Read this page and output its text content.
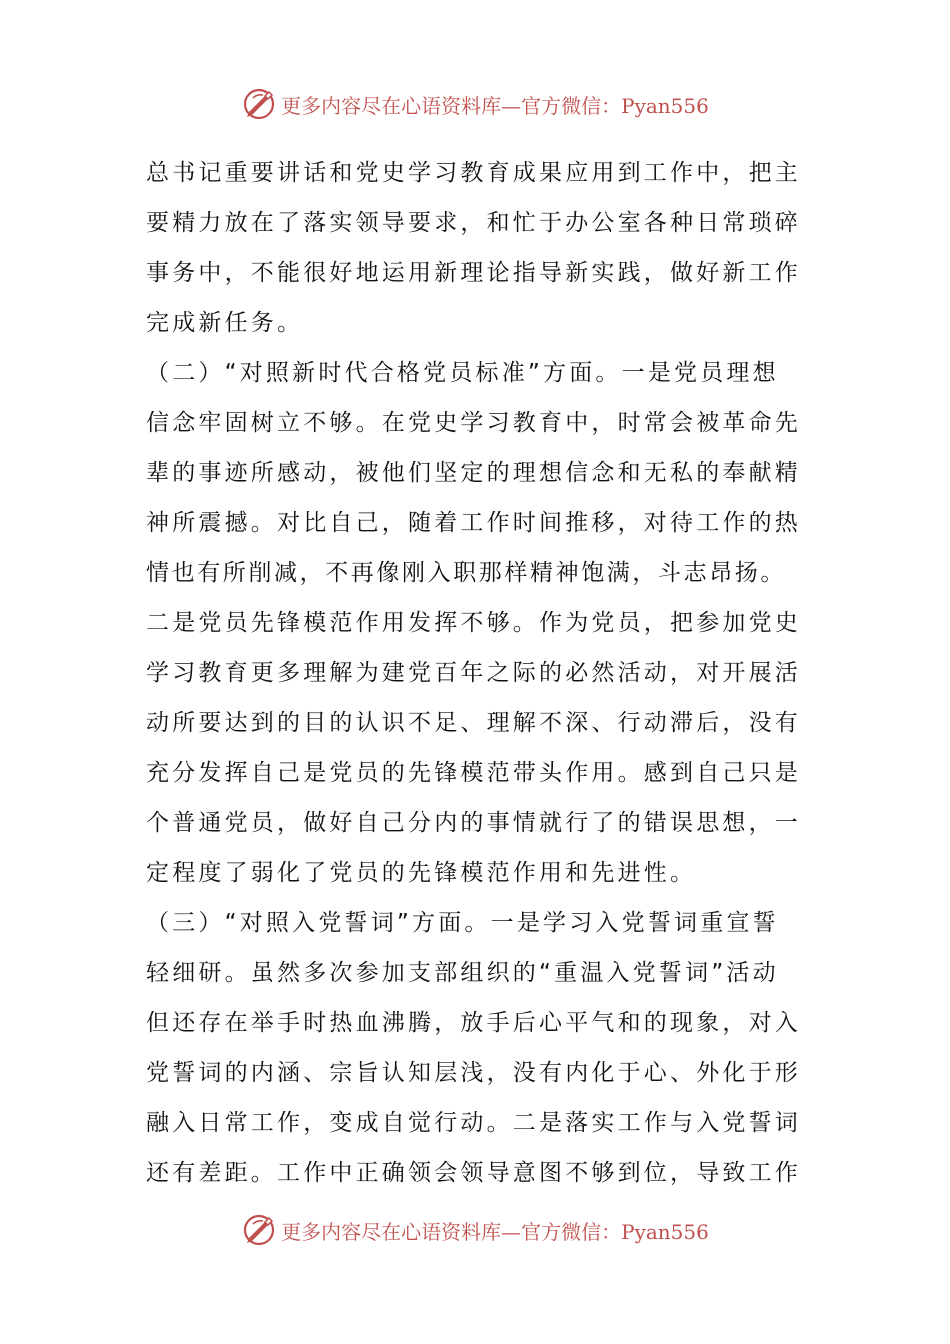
更多内容尽在心语资料库—官方微信：Pyan556
总书记重要讲话和党史学习教育成果应用到工作中，把主
要精力放在了落实领导要求，和忙于办公室各种日常琐碎
事务中，不能很好地运用新理论指导新实践，做好新工作
完成新任务。
（二）“对照新时代合格党员标准”方面。一是党员理想
信念牢固树立不够。在党史学习教育中，时常会被革命先
辈的事迹所感动，被他们坚定的理想信念和无私的奉献精
神所震撼。对比自己，随着工作时间推移，对待工作的热
情也有所削减，不再像刚入职那样精神饱满，斗志昂扬。
二是党员先锋模范作用发挥不够。作为党员，把参加党史
学习教育更多理解为建党百年之际的必然活动，对开展活
动所要达到的目的认识不足、理解不深、行动滞后，没有
充分发挥自己是党员的先锋模范带头作用。感到自己只是
个普通党员，做好自己分内的事情就行了的错误思想，一
定程度了弱化了党员的先锋模范作用和先进性。
（三）“对照入党誓词”方面。一是学习入党誓词重宣誓
轻细研。虽然多次参加支部组织的“重温入党誓词”活动
但还存在举手时热血沸腾，放手后心平气和的现象，对入
党誓词的内涵、宗旨认知层浅，没有内化于心、外化于形
融入日常工作，变成自觉行动。二是落实工作与入党誓词
还有差距。工作中正确领会领导意图不够到位，导致工作
更多内容尽在心语资料库—官方微信：Pyan556
